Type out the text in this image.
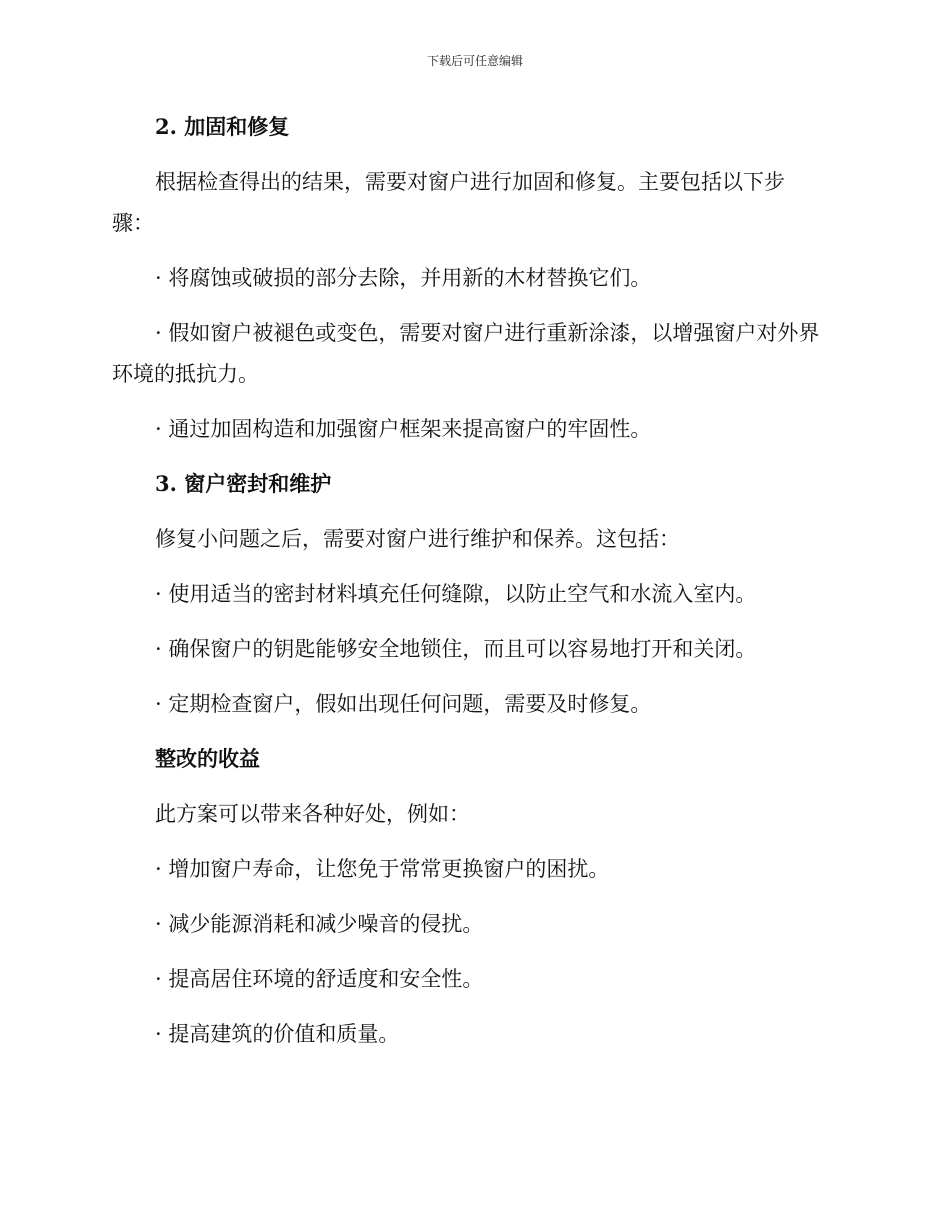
下载后可任意编辑
2. 加固和修复

根据检查得出的结果，需要对窗户进行加固和修复。主要包括以下步骤：

· 将腐蚀或破损的部分去除，并用新的木材替换它们。

· 假如窗户被褪色或变色，需要对窗户进行重新涂漆，以增强窗户对外界环境的抵抗力。

· 通过加固构造和加强窗户框架来提高窗户的牢固性。

3. 窗户密封和维护

修复小问题之后，需要对窗户进行维护和保养。这包括：

· 使用适当的密封材料填充任何缝隙，以防止空气和水流入室内。

· 确保窗户的钥匙能够安全地锁住，而且可以容易地打开和关闭。

· 定期检查窗户，假如出现任何问题，需要及时修复。

整改的收益

此方案可以带来各种好处，例如：

· 增加窗户寿命，让您免于常常更换窗户的困扰。

· 减少能源消耗和减少噪音的侵扰。

· 提高居住环境的舒适度和安全性。

· 提高建筑的价值和质量。
